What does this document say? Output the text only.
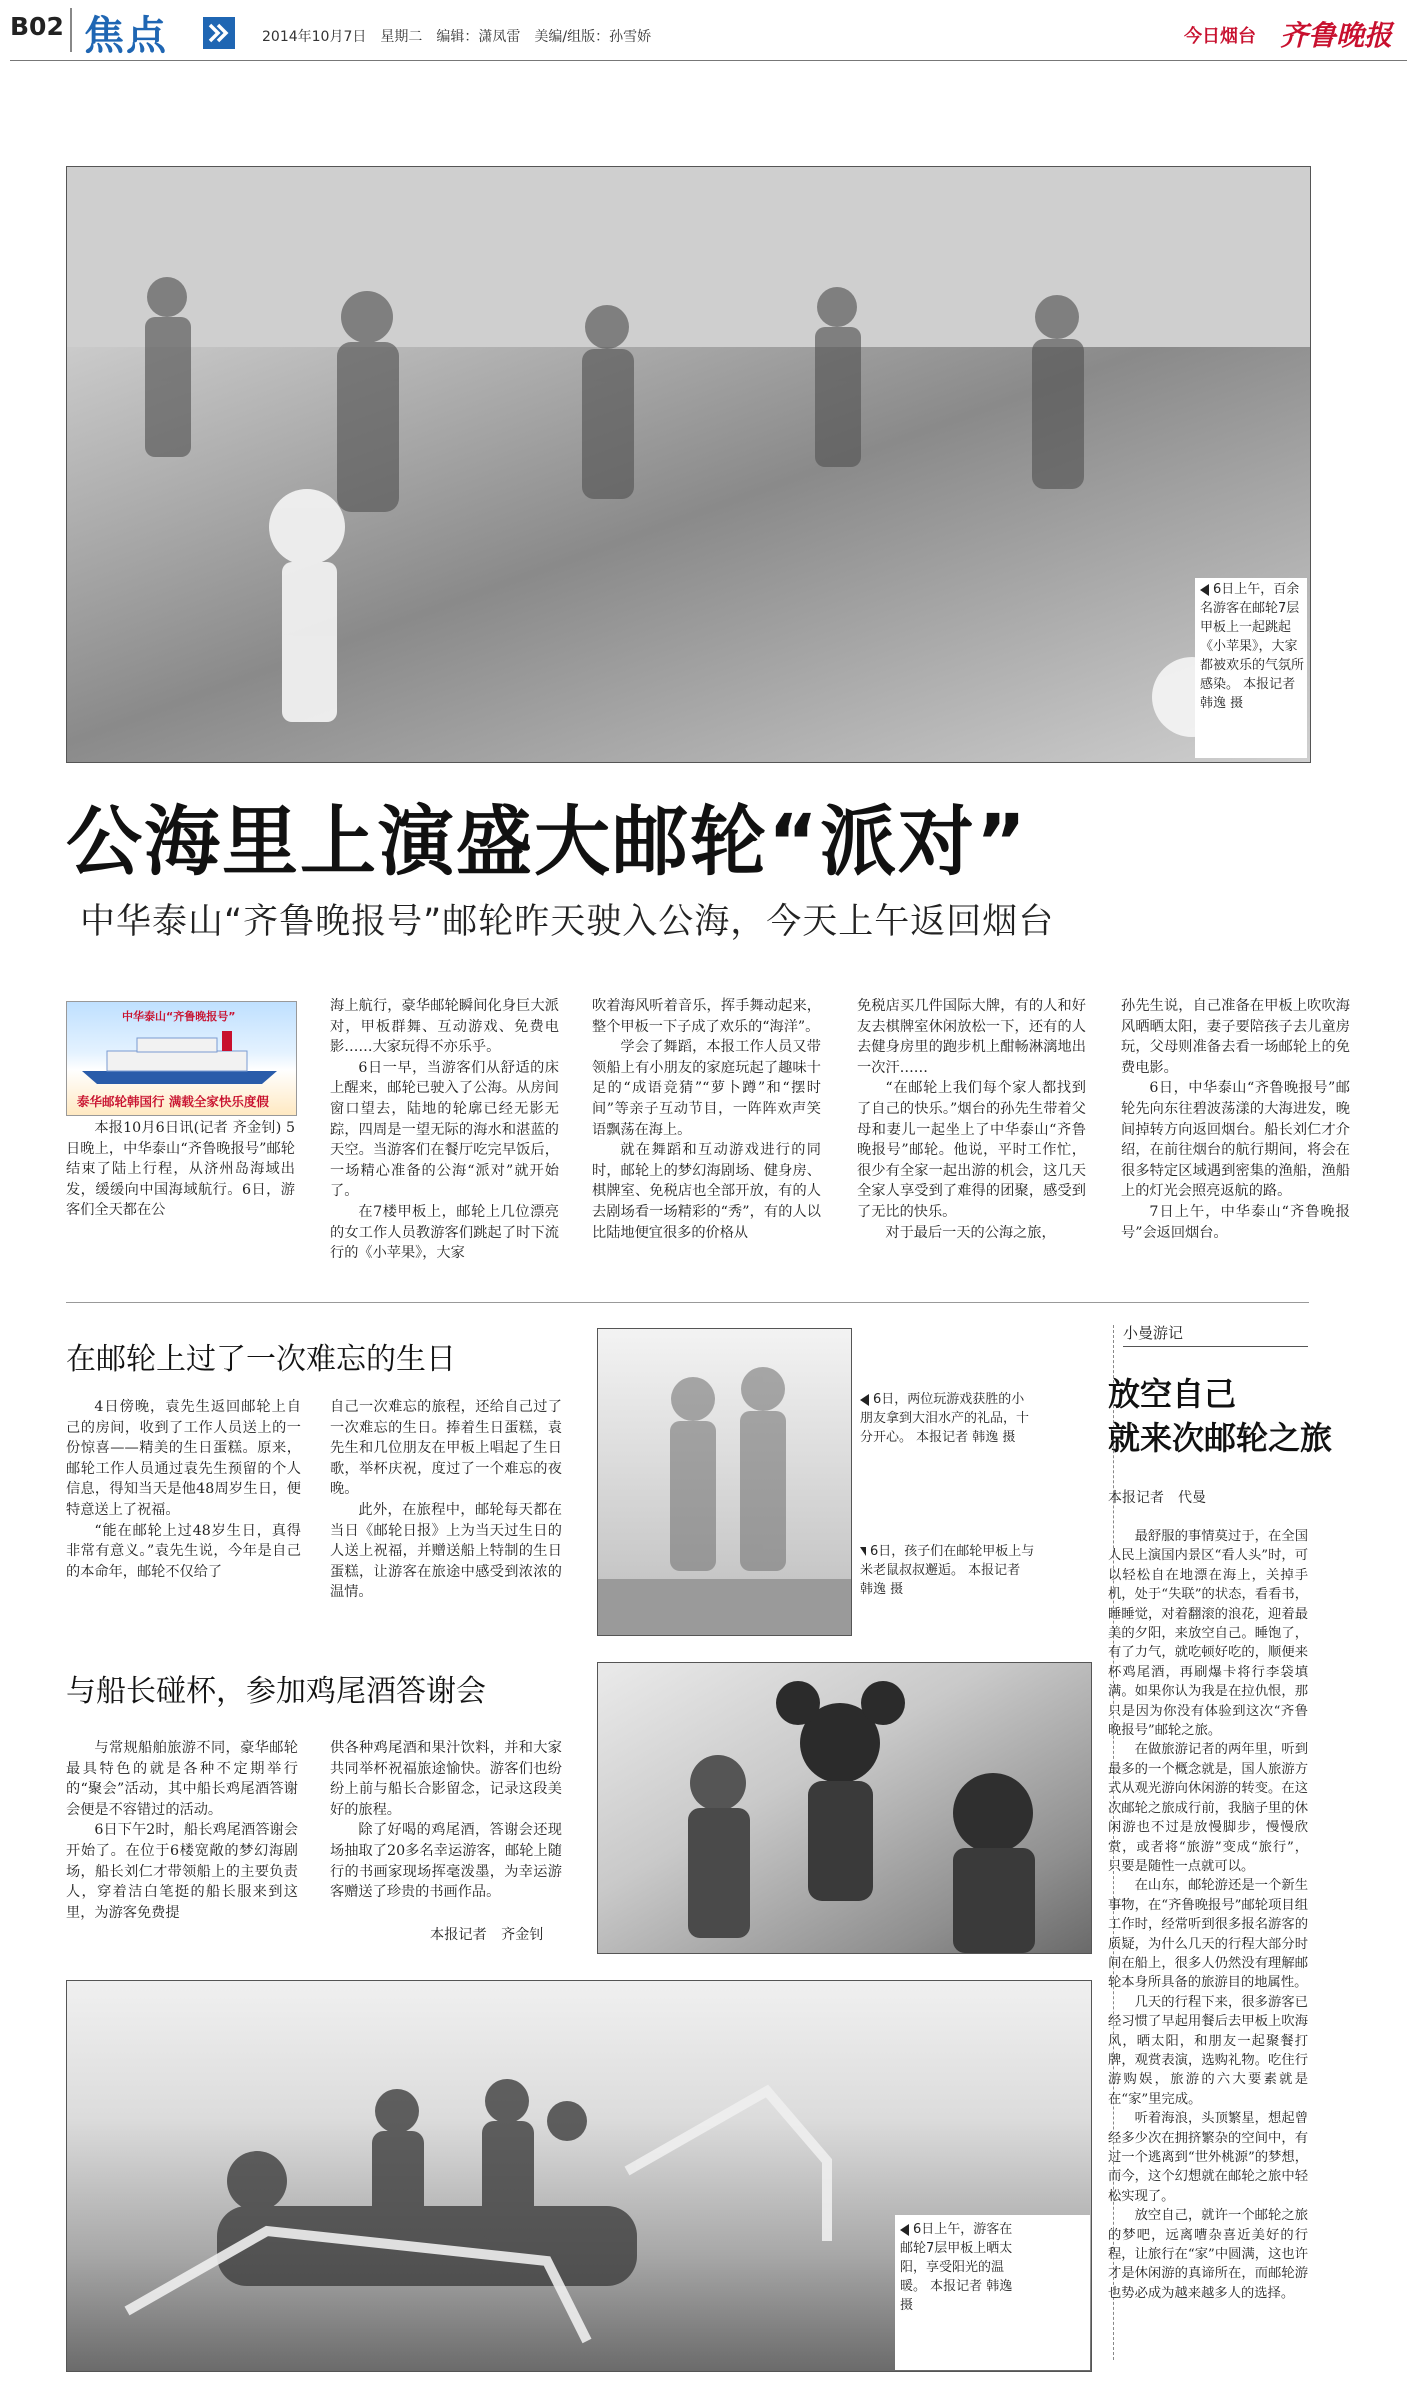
B02 焦点	2014年10月7日　星期二　编辑：潇凤雷　美编/组版：孙雪娇	今日烟台 齐鲁晚报
6日上午，百余名游客在邮轮7层甲板上一起跳起《小苹果》，大家都被欢乐的气氛所感染。 本报记者 韩逸 摄
公海里上演盛大邮轮“派对”
中华泰山“齐鲁晚报号”邮轮昨天驶入公海，今天上午返回烟台
中华泰山“齐鲁晚报号”
泰华邮轮韩国行 满载全家快乐度假

本报10月6日讯(记者 齐金钊) 5日晚上，中华泰山“齐鲁晚报号”邮轮结束了陆上行程，从济州岛海域出发，缓缓向中国海域航行。6日，游客们全天都在公

海上航行，豪华邮轮瞬间化身巨大派对，甲板群舞、互动游戏、免费电影……大家玩得不亦乐乎。

6日一早，当游客们从舒适的床上醒来，邮轮已驶入了公海。从房间窗口望去，陆地的轮廓已经无影无踪，四周是一望无际的海水和湛蓝的天空。当游客们在餐厅吃完早饭后，一场精心准备的公海“派对”就开始了。

在7楼甲板上，邮轮上几位漂亮的女工作人员教游客们跳起了时下流行的《小苹果》，大家

吹着海风听着音乐，挥手舞动起来，整个甲板一下子成了欢乐的“海洋”。

学会了舞蹈，本报工作人员又带领船上有小朋友的家庭玩起了趣味十足的“成语竞猜”“萝卜蹲”和“摆时间”等亲子互动节目，一阵阵欢声笑语飘荡在海上。

就在舞蹈和互动游戏进行的同时，邮轮上的梦幻海剧场、健身房、棋牌室、免税店也全部开放，有的人去剧场看一场精彩的“秀”，有的人以比陆地便宜很多的价格从

免税店买几件国际大牌，有的人和好友去棋牌室休闲放松一下，还有的人去健身房里的跑步机上酣畅淋漓地出一次汗……

“在邮轮上我们每个家人都找到了自己的快乐。”烟台的孙先生带着父母和妻儿一起坐上了中华泰山“齐鲁晚报号”邮轮。他说，平时工作忙，很少有全家一起出游的机会，这几天全家人享受到了难得的团聚，感受到了无比的快乐。

对于最后一天的公海之旅，

孙先生说，自己准备在甲板上吹吹海风晒晒太阳，妻子要陪孩子去儿童房玩，父母则准备去看一场邮轮上的免费电影。

6日，中华泰山“齐鲁晚报号”邮轮先向东往碧波荡漾的大海进发，晚间掉转方向返回烟台。船长刘仁才介绍，在前往烟台的航行期间，将会在很多特定区域遇到密集的渔船，渔船上的灯光会照亮返航的路。

7日上午，中华泰山“齐鲁晚报号”会返回烟台。

在邮轮上过了一次难忘的生日

4日傍晚，袁先生返回邮轮上自己的房间，收到了工作人员送上的一份惊喜——精美的生日蛋糕。原来，邮轮工作人员通过袁先生预留的个人信息，得知当天是他48周岁生日，便特意送上了祝福。

“能在邮轮上过48岁生日，真得非常有意义。”袁先生说，今年是自己的本命年，邮轮不仅给了

自己一次难忘的旅程，还给自己过了一次难忘的生日。捧着生日蛋糕，袁先生和几位朋友在甲板上唱起了生日歌，举杯庆祝，度过了一个难忘的夜晚。

此外，在旅程中，邮轮每天都在当日《邮轮日报》上为当天过生日的人送上祝福，并赠送船上特制的生日蛋糕，让游客在旅途中感受到浓浓的温情。

6日，两位玩游戏获胜的小朋友拿到大泪水产的礼品，十分开心。 本报记者 韩逸 摄
6日，孩子们在邮轮甲板上与米老鼠叔叔邂逅。 本报记者 韩逸 摄
与船长碰杯，参加鸡尾酒答谢会

与常规船舶旅游不同，豪华邮轮最具特色的就是各种不定期举行的“聚会”活动，其中船长鸡尾酒答谢会便是不容错过的活动。

6日下午2时，船长鸡尾酒答谢会开始了。在位于6楼宽敞的梦幻海剧场，船长刘仁才带领船上的主要负责人，穿着洁白笔挺的船长服来到这里，为游客免费提

供各种鸡尾酒和果汁饮料，并和大家共同举杯祝福旅途愉快。游客们也纷纷上前与船长合影留念，记录这段美好的旅程。

除了好喝的鸡尾酒，答谢会还现场抽取了20多名幸运游客，邮轮上随行的书画家现场挥毫泼墨，为幸运游客赠送了珍贵的书画作品。

本报记者　齐金钊
小曼游记
放空自己
就来次邮轮之旅
本报记者　代曼

最舒服的事情莫过于，在全国人民上演国内景区“看人头”时，可以轻松自在地漂在海上，关掉手机，处于“失联”的状态，看看书，睡睡觉，对着翻滚的浪花，迎着最美的夕阳，来放空自己。睡饱了，有了力气，就吃顿好吃的，顺便来杯鸡尾酒，再刷爆卡将行李袋填满。如果你认为我是在拉仇恨，那只是因为你没有体验到这次“齐鲁晚报号”邮轮之旅。

在做旅游记者的两年里，听到最多的一个概念就是，国人旅游方式从观光游向休闲游的转变。在这次邮轮之旅成行前，我脑子里的休闲游也不过是放慢脚步，慢慢欣赏，或者将“旅游”变成“旅行”，只要是随性一点就可以。

在山东，邮轮游还是一个新生事物，在“齐鲁晚报号”邮轮项目组工作时，经常听到很多报名游客的质疑，为什么几天的行程大部分时间在船上，很多人仍然没有理解邮轮本身所具备的旅游目的地属性。

几天的行程下来，很多游客已经习惯了早起用餐后去甲板上吹海风，晒太阳，和朋友一起聚餐打牌，观赏表演，选购礼物。吃住行游购娱，旅游的六大要素就是在“家”里完成。

听着海浪，头顶繁星，想起曾经多少次在拥挤繁杂的空间中，有过一个逃离到“世外桃源”的梦想，而今，这个幻想就在邮轮之旅中轻松实现了。

放空自己，就许一个邮轮之旅的梦吧，远离嘈杂喜近美好的行程，让旅行在“家”中圆满，这也许才是休闲游的真谛所在，而邮轮游也势必成为越来越多人的选择。

6日上午，游客在邮轮7层甲板上晒太阳，享受阳光的温暖。 本报记者 韩逸 摄
